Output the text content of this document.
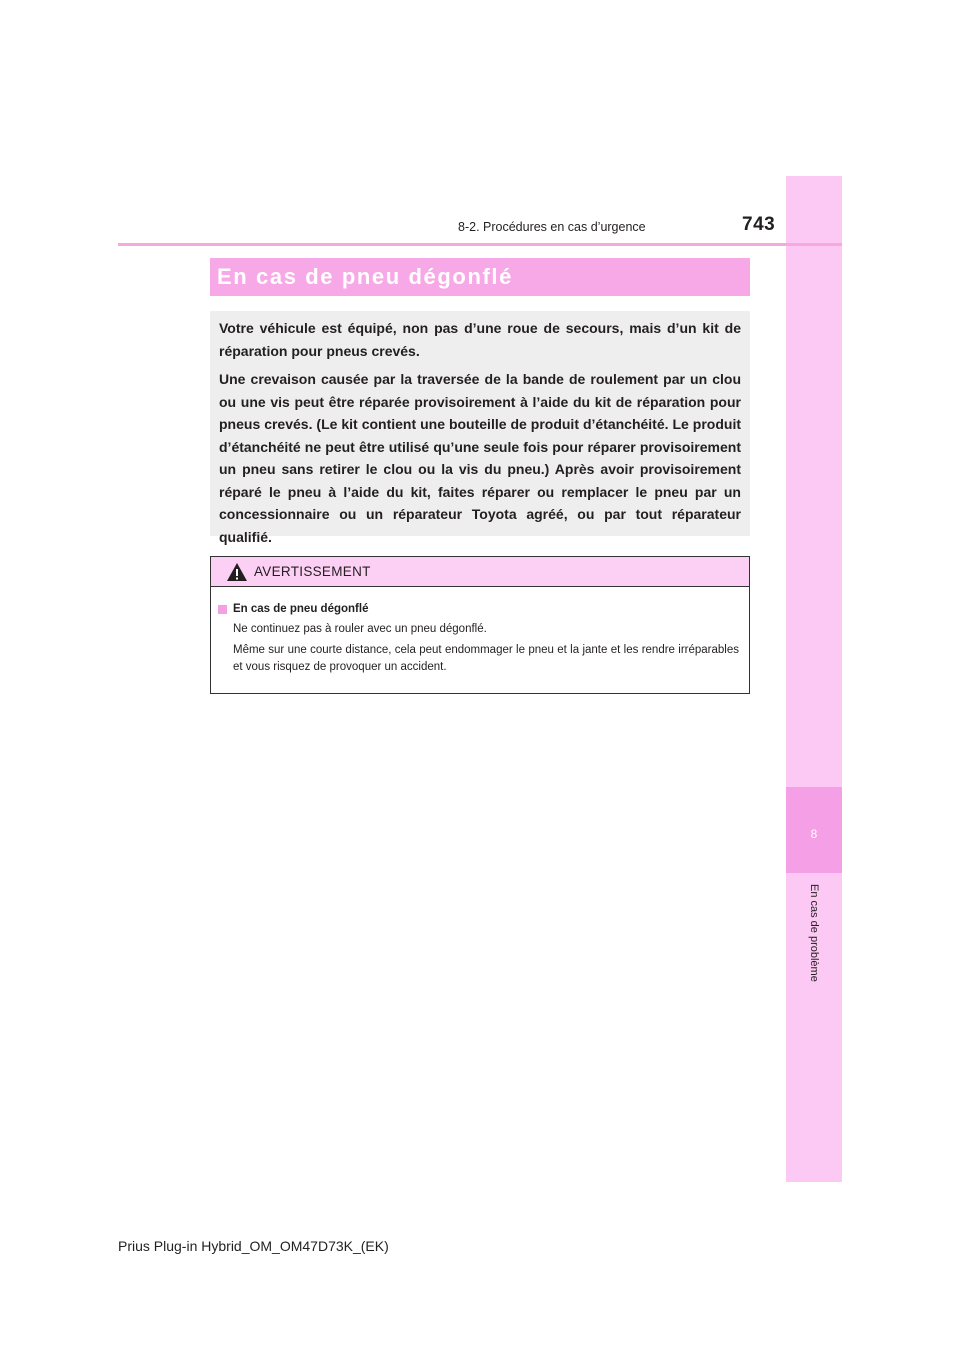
8
En cas de problème
8-2. Procédures en cas d’urgence	743
En cas de pneu dégonflé

Votre véhicule est équipé, non pas d’une roue de secours, mais d’un kit de réparation pour pneus crevés.

Une crevaison causée par la traversée de la bande de roulement par un clou ou une vis peut être réparée provisoirement à l’aide du kit de réparation pour pneus crevés. (Le kit contient une bouteille de produit d’étanchéité. Le produit d’étanchéité ne peut être utilisé qu’une seule fois pour réparer provisoirement un pneu sans retirer le clou ou la vis du pneu.) Après avoir provisoirement réparé le pneu à l’aide du kit, faites réparer ou remplacer le pneu par un concessionnaire ou un réparateur Toyota agréé, ou par tout réparateur qualifié.

AVERTISSEMENT
En cas de pneu dégonflé

Ne continuez pas à rouler avec un pneu dégonflé.

Même sur une courte distance, cela peut endommager le pneu et la jante et les rendre irréparables et vous risquez de provoquer un accident.

Prius Plug-in Hybrid_OM_OM47D73K_(EK)
